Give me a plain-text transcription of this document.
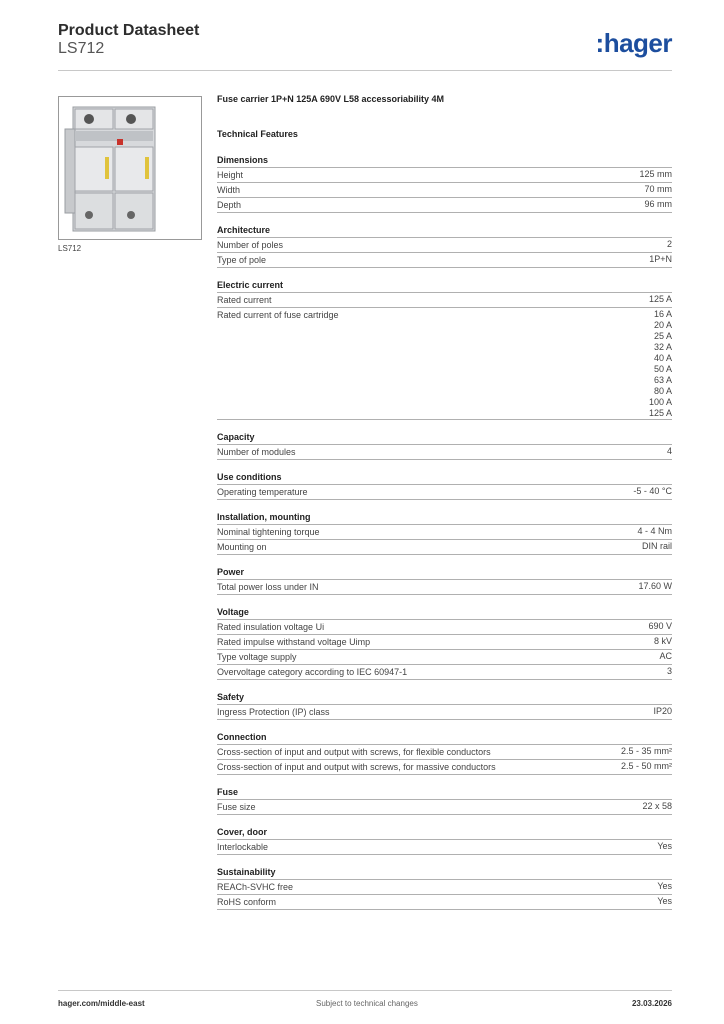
Product Datasheet
LS712	:hager
LS712
Fuse carrier 1P+N 125A 690V L58 accessoriability 4M
Technical Features
Dimensions
Height	125 mm
Width	70 mm
Depth	96 mm
Architecture
Number of poles	2
Type of pole	1P+N
Electric current
Rated current	125 A
Rated current of fuse cartridge	16 A
20 A
25 A
32 A
40 A
50 A
63 A
80 A
100 A
125 A
Capacity
Number of modules	4
Use conditions
Operating temperature	-5 - 40 °C
Installation, mounting
Nominal tightening torque	4 - 4 Nm
Mounting on	DIN rail
Power
Total power loss under IN	17.60 W
Voltage
Rated insulation voltage Ui	690 V
Rated impulse withstand voltage Uimp	8 kV
Type voltage supply	AC
Overvoltage category according to IEC 60947-1	3
Safety
Ingress Protection (IP) class	IP20
Connection
Cross-section of input and output with screws, for flexible conductors	2.5 - 35 mm²
Cross-section of input and output with screws, for massive conductors	2.5 - 50 mm²
Fuse
Fuse size	22 x 58
Cover, door
Interlockable	Yes
Sustainability
REACh-SVHC free	Yes
RoHS conform	Yes
hager.com/middle-east	Subject to technical changes	23.03.2026
